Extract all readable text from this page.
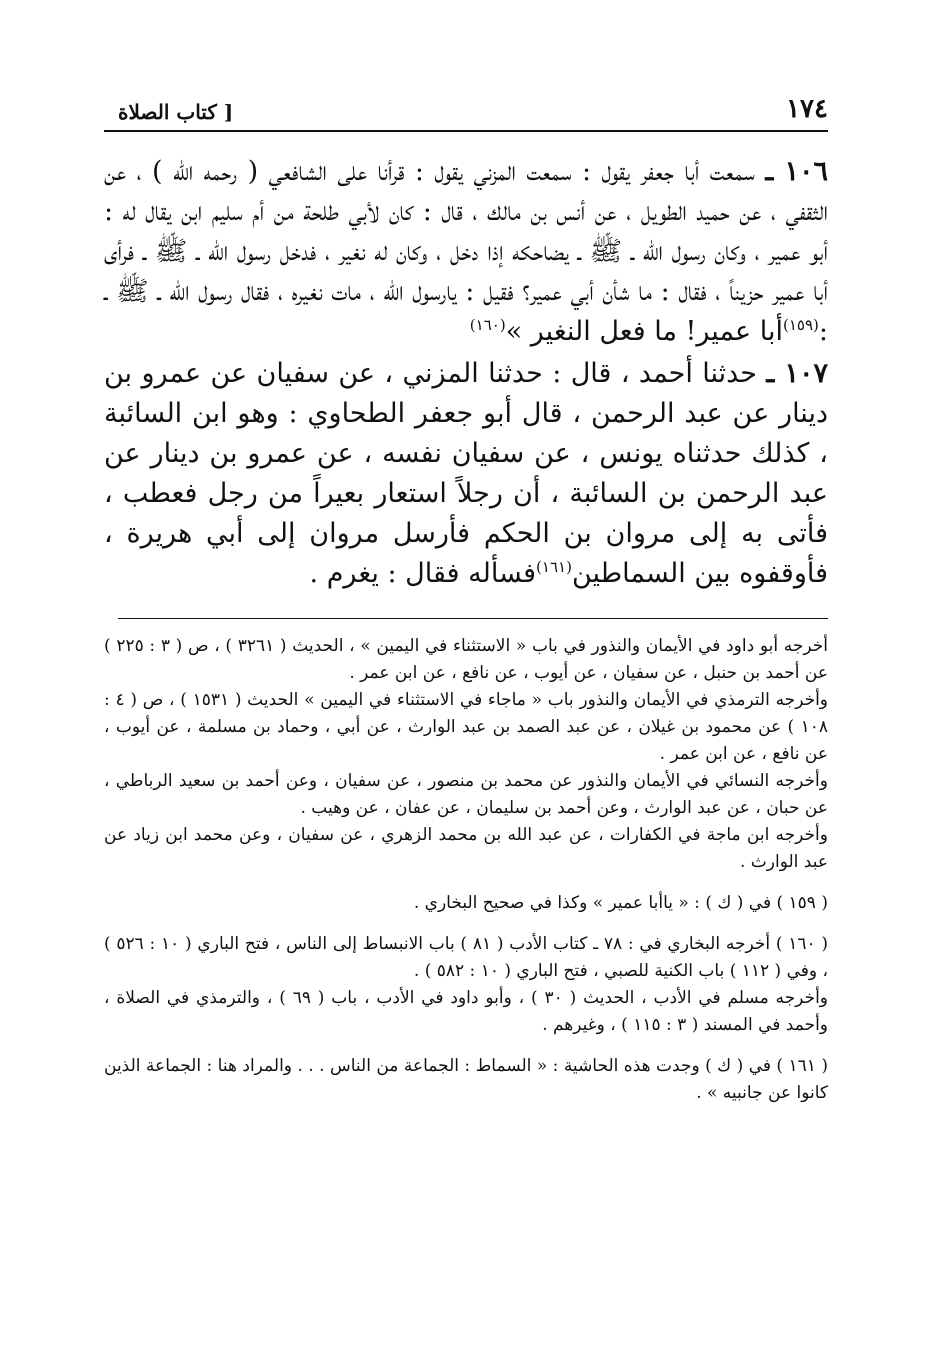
١٧٤
[ كتاب الصلاة

١٠٦ ـ سمعت أبا جعفر يقول : سمعت المزني يقول : قرأنا على الشافعي ( رحمه الله ) ، عن الثقفي ، عن حميد الطويل ، عن أنس بن مالك ، قال : كان لأبي طلحة من أم سليم ابن يقال له : أبو عمير ، وكان رسول الله ـ ﷺ ـ يضاحكه إذا دخل ، وكان له نغير ، فدخل رسول الله ـ ﷺ ـ فرأى أبا عمير حزيناً ، فقال : ما شأن أبي عمير؟ فقيل : يارسول الله ، مات نغيره ، فقال رسول الله ـ ﷺ ـ :$^{(١٥٩)}$أبا عمير! ما فعل النغير »$^{(١٦٠)}$

١٠٧ ـ حدثنا أحمد ، قال : حدثنا المزني ، عن سفيان عن عمرو بن دينار عن عبد الرحمن ، قال أبو جعفر الطحاوي : وهو ابن السائبة ، كذلك حدثناه يونس ، عن سفيان نفسه ، عن عمرو بن دينار عن عبد الرحمن بن السائبة ، أن رجلاً استعار بعيراً من رجل فعطب ، فأتى به إلى مروان بن الحكم فأرسل مروان إلى أبي هريرة ، فأوقفوه بين السماطين$^{(١٦١)}$فسأله فقال : يغرم .

أخرجه أبو داود في الأيمان والنذور في باب « الاستثناء في اليمين » ، الحديث ( ٣٢٦١ ) ، ص ( ٣ : ٢٢٥ ) عن أحمد بن حنبل ، عن سفيان ، عن أيوب ، عن نافع ، عن ابن عمر .

وأخرجه الترمذي في الأيمان والنذور باب « ماجاء في الاستثناء في اليمين » الحديث ( ١٥٣١ ) ، ص ( ٤ : ١٠٨ ) عن محمود بن غيلان ، عن عبد الصمد بن عبد الوارث ، عن أبي ، وحماد بن مسلمة ، عن أيوب ، عن نافع ، عن ابن عمر .

وأخرجه النسائي في الأيمان والنذور عن محمد بن منصور ، عن سفيان ، وعن أحمد بن سعيد الرباطي ، عن حبان ، عن عبد الوارث ، وعن أحمد بن سليمان ، عن عفان ، عن وهيب .

وأخرجه ابن ماجة في الكفارات ، عن عبد الله بن محمد الزهري ، عن سفيان ، وعن محمد ابن زياد عن عبد الوارث .

( ١٥٩ ) في ( ك ) : « ياأبا عمير » وكذا في صحيح البخاري .

( ١٦٠ ) أخرجه البخاري في : ٧٨ ـ كتاب الأدب ( ٨١ ) باب الانبساط إلى الناس ، فتح الباري ( ١٠ : ٥٢٦ ) ، وفي ( ١١٢ ) باب الكنية للصبي ، فتح الباري ( ١٠ : ٥٨٢ ) .

وأخرجه مسلم في الأدب ، الحديث ( ٣٠ ) ، وأبو داود في الأدب ، باب ( ٦٩ ) ، والترمذي في الصلاة ، وأحمد في المسند ( ٣ : ١١٥ ) ، وغيرهم .

( ١٦١ ) في ( ك ) وجدت هذه الحاشية : « السماط : الجماعة من الناس . . . والمراد هنا : الجماعة الذين كانوا عن جانبيه » .
